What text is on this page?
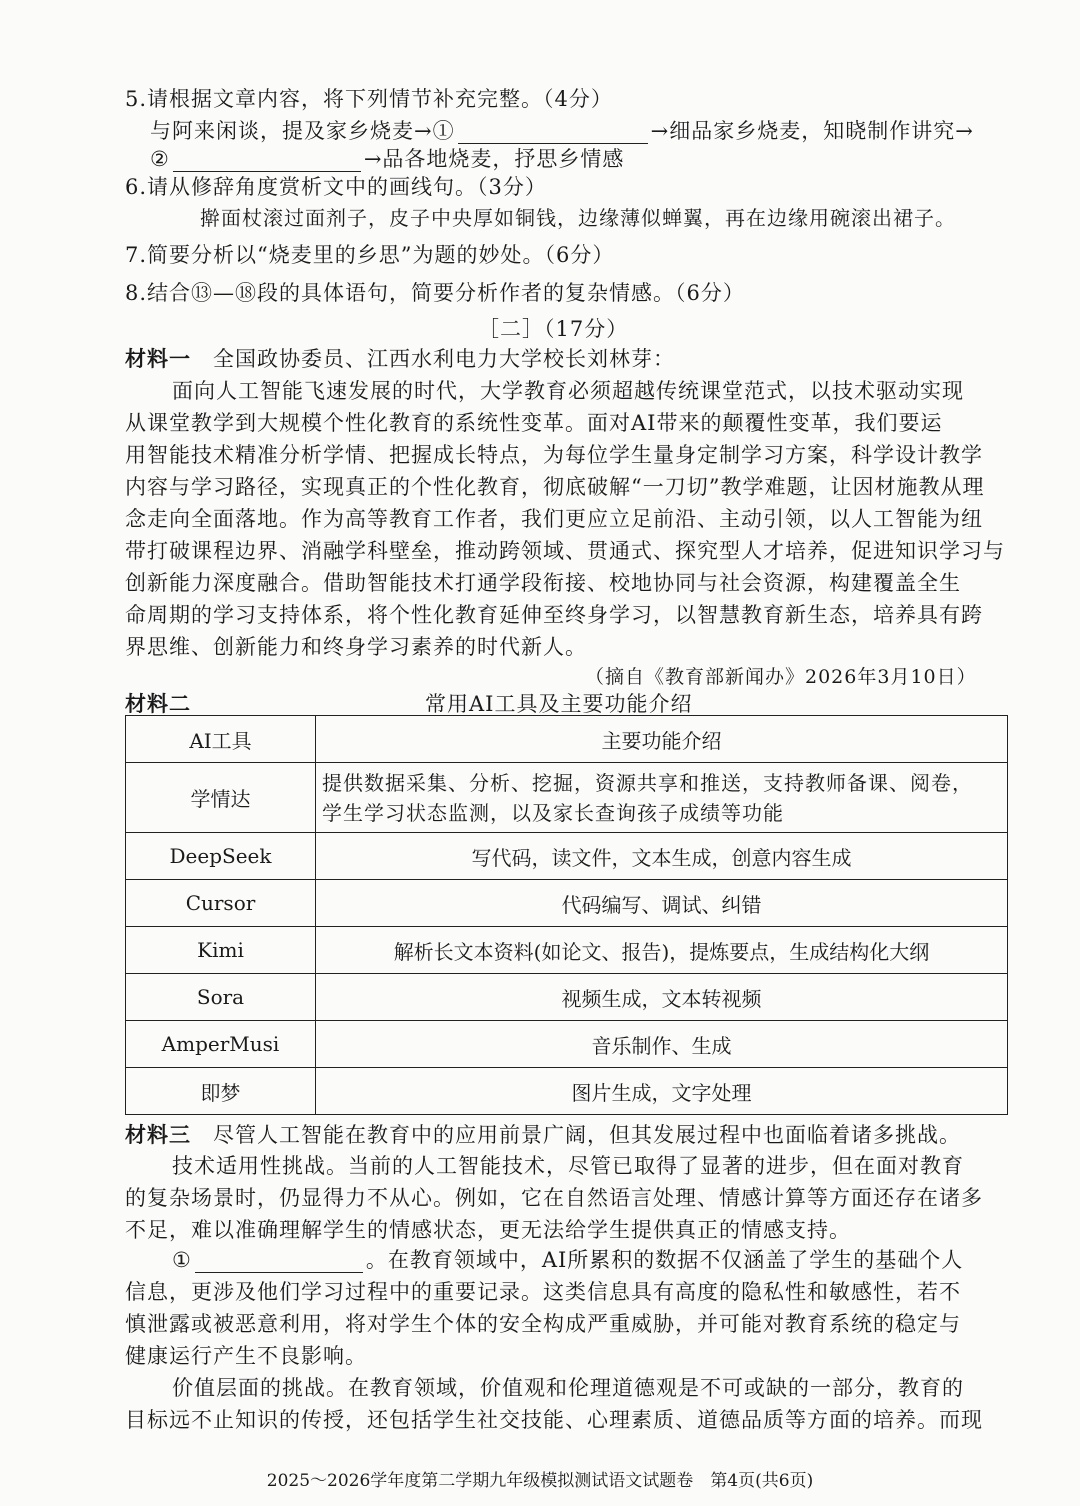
5.请根据文章内容，将下列情节补充完整。（4分）
与阿来闲谈，提及家乡烧麦→①	→细品家乡烧麦，知晓制作讲究→
②	→品各地烧麦，抒思乡情感
6.请从修辞角度赏析文中的画线句。（3分）
擀面杖滚过面剂子，皮子中央厚如铜钱，边缘薄似蝉翼，再在边缘用碗滚出裙子。
7.简要分析以“烧麦里的乡思”为题的妙处。（6分）
8.结合⑬—⑱段的具体语句，简要分析作者的复杂情感。（6分）
［二］（17分）
材料一　 全国政协委员、江西水利电力大学校长刘林芽：
面向人工智能飞速发展的时代，大学教育必须超越传统课堂范式，以技术驱动实现
从课堂教学到大规模个性化教育的系统性变革。面对AI带来的颠覆性变革，我们要运
用智能技术精准分析学情、把握成长特点，为每位学生量身定制学习方案，科学设计教学
内容与学习路径，实现真正的个性化教育，彻底破解“一刀切”教学难题，让因材施教从理
念走向全面落地。作为高等教育工作者，我们更应立足前沿、主动引领，以人工智能为纽
带打破课程边界、消融学科壁垒，推动跨领域、贯通式、探究型人才培养，促进知识学习与
创新能力深度融合。借助智能技术打通学段衔接、校地协同与社会资源，构建覆盖全生
命周期的学习支持体系，将个性化教育延伸至终身学习，以智慧教育新生态，培养具有跨
界思维、创新能力和终身学习素养的时代新人。
（摘自《教育部新闻办》2026年3月10日）
材料二	常用AI工具及主要功能介绍
AI工具	主要功能介绍
学情达	提供数据采集、分析、挖掘，资源共享和推送，支持教师备课、阅卷，
学生学习状态监测，以及家长查询孩子成绩等功能
DeepSeek	写代码，读文件，文本生成，创意内容生成
Cursor	代码编写、调试、纠错
Kimi	解析长文本资料(如论文、报告)，提炼要点，生成结构化大纲
Sora	视频生成，文本转视频
AmperMusi	音乐制作、生成
即梦	图片生成，文字处理
材料三　 尽管人工智能在教育中的应用前景广阔，但其发展过程中也面临着诸多挑战。
技术适用性挑战。当前的人工智能技术，尽管已取得了显著的进步，但在面对教育
的复杂场景时，仍显得力不从心。例如，它在自然语言处理、情感计算等方面还存在诸多
不足，难以准确理解学生的情感状态，更无法给学生提供真正的情感支持。
①	。在教育领域中，AI所累积的数据不仅涵盖了学生的基础个人
信息，更涉及他们学习过程中的重要记录。这类信息具有高度的隐私性和敏感性，若不
慎泄露或被恶意利用，将对学生个体的安全构成严重威胁，并可能对教育系统的稳定与
健康运行产生不良影响。
价值层面的挑战。在教育领域，价值观和伦理道德观是不可或缺的一部分，教育的
目标远不止知识的传授，还包括学生社交技能、心理素质、道德品质等方面的培养。而现
2025～2026学年度第二学期九年级模拟测试语文试题卷　第4页(共6页)
